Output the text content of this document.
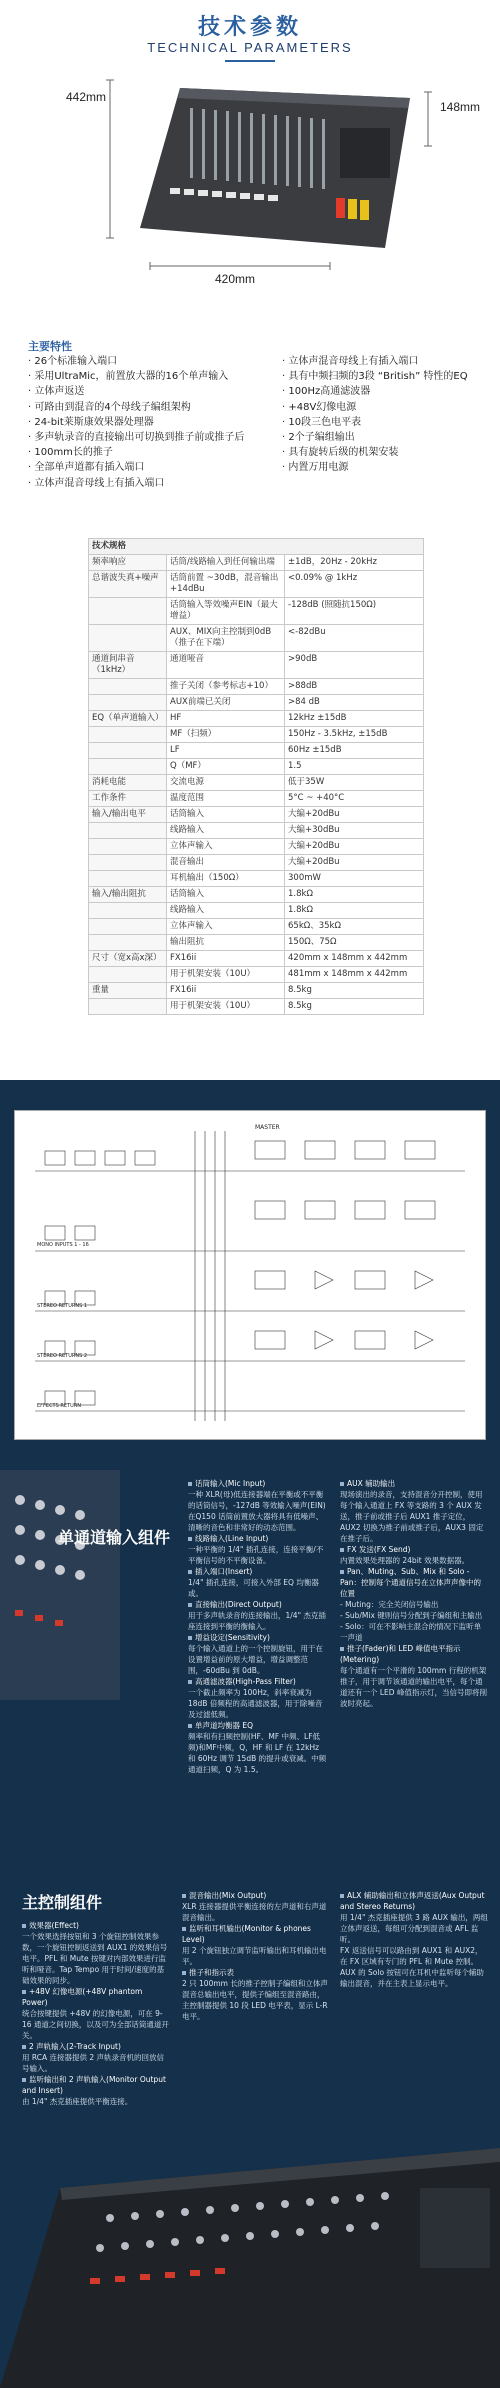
技术参数
TECHNICAL PARAMETERS
442mm
148mm
420mm
主要特性
· 26个标准输入端口
· 采用UltraMic，前置放大器的16个单声输入
· 立体声返送
· 可路由到混音的4个母线子编组架构
· 24-bit莱斯康效果器处理器
· 多声轨录音的直接输出可切换到推子前或推子后
· 100mm长的推子
· 全部单声道都有插入端口
· 立体声混音母线上有插入端口
· 立体声混音母线上有插入端口
· 具有中频扫频的3段 “British” 特性的EQ
· 100Hz高通滤波器
· +48V幻像电源
· 10段三色电平表
· 2个子编组输出
· 具有旋转后级的机架安装
· 内置万用电源
技术规格		
频率响应	话筒/线路输入到任何输出端	±1dB，20Hz - 20kHz
总谐波失真+噪声	话筒前置 ~30dB，混音输出 +14dBu	<0.09% @ 1kHz
	话筒输入等效噪声EIN（最大增益）	-128dB (照随抗150Ω)
	AUX、MIX向主控制到0dB（推子在下端）	<-82dBu
通道间串音（1kHz）	通道哑音	>90dB
	推子关闭（参考标志+10）	>88dB
	AUX前端已关闭	>84 dB
EQ（单声道输入）	HF	12kHz ±15dB
	MF（扫频）	150Hz - 3.5kHz, ±15dB
	LF	60Hz ±15dB
	Q（MF）	1.5
消耗电能	交流电源	低于35W
工作条件	温度范围	5°C ~ +40°C
输入/输出电平	话筒输入	大编+20dBu
	线路输入	大编+30dBu
	立体声输入	大编+20dBu
	混音输出	大编+20dBu
	耳机输出（150Ω）	300mW
输入/输出阻抗	话筒输入	1.8kΩ
	线路输入	1.8kΩ
	立体声输入	65kΩ、35kΩ
	输出阻抗	150Ω、75Ω
尺寸（宽x高x深）	FX16ii	420mm x 148mm x 442mm
	用于机架安装（10U）	481mm x 148mm x 442mm
重量	FX16ii	8.5kg
	用于机架安装（10U）	8.5kg
MASTER
MONO INPUTS 1 - 16
STEREO RETURNS 1
STEREO RETURNS 2
EFFECTS RETURN
单通道输入组件
话筒输入(Mic Input)
一种 XLR(母)低连接器端在平衡或不平衡的话筒信号，-127dB 等效输入噪声(EIN)在Q150 话筒前置放大器将具有低噪声、清晰的音色和非常好的动态范围。
线路输入(Line Input)
一种平衡的 1/4" 插孔连接，连接平衡/不平衡信号的不平衡设备。
插入端口(Insert)
1/4" 插孔连接，可接入外部 EQ 均衡器或。
直接输出(Direct Output)
用于多声轨录音的连接输出，1/4" 杰克插座连接到平衡的衡输入。
增益设定(Sensitivity)
每个输入通道上的一个控制旋钮，用于在设置增益前的原大增益，增益调整范围，-60dBu 到 0dB。
高通滤波器(High-Pass Filter)
一个截止频率为 100Hz，斜率衰减为 18dB 倍频程的高通滤波器，用于除噪音及过滤低频。
单声道均衡器 EQ
频率和有扫频控制(HF、MF 中频、LF低频)和MF中频，Q，HF 和 LF 在 12kHz 和 60Hz 调节 15dB 的提升或衰减。中频通道扫频，Q 为 1.5。
AUX 辅助输出
现场演出的录音，支持混音分开控制，使用每个输入通道上 FX 等支路的 3 个 AUX 发送，推子前或推子后 AUX1 推子定位，AUX2 切换为推子前或推子后，AUX3 固定在推子后。
FX 发送(FX Send)
内置效果处理器的 24bit 效果数据器。
Pan、Muting、Sub、Mix 和 Solo - Pan：控制每个通道信号在立体声声像中的位置
- Muting：完全关闭信号输出
- Sub/Mix 键则信号分配到子编组和主输出
- Solo：可在不影响主混合的情况下监听单一声道
推子(Fader)和 LED 峰值电平指示 (Metering)
每个通道有一个平滑的 100mm 行程的机架推子，用于调节该通道的输出电平，每个通道还有一个 LED 峰值指示灯，当信号即将削波时亮起。
主控制组件
效果器(Effect)
一个效果选择按钮和 3 个旋钮控制效果参数，一个旋钮控制返送到 AUX1 的效果信号电平。PFL 和 Mute 按键对内部效果进行监听和哑音。Tap Tempo 用于时间/速度的基础效果的同步。
+48V 幻像电源(+48V phantom Power)
统合按键提供 +48V 的幻像电源，可在 9-16 通道之间切换，以及可为全部话筒通道开关。
2 声轨输入(2-Track Input)
用 RCA 连接器提供 2 声轨录音机的回放信号输入。
监听输出和 2 声轨输入(Monitor Output and Insert)
由 1/4" 杰克插座提供平衡连接。
混音输出(Mix Output)
XLR 连接器提供平衡连接的左声道和右声道混音输出。
监听和耳机输出(Monitor & phones Level)
用 2 个旋钮独立调节监听输出和耳机输出电平。
推子和指示表
2 只 100mm 长的推子控制子编组和立体声混音总输出电平，提供子编组至混音路由，主控制器提供 10 段 LED 电平表，显示 L-R 电平。
ALX 辅助输出和立体声返送(Aux Output and Stereo Returns)
用 1/4" 杰克插座提供 3 路 AUX 输出，两组立体声返送，每组可分配到混音或 AFL 监听。
FX 返送信号可以路由到 AUX1 和 AUX2，在 FX 区域有专门的 PFL 和 Mute 控制。
AUX 的 Solo 按钮可在耳机中监听每个辅助输出混音，并在主表上显示电平。
